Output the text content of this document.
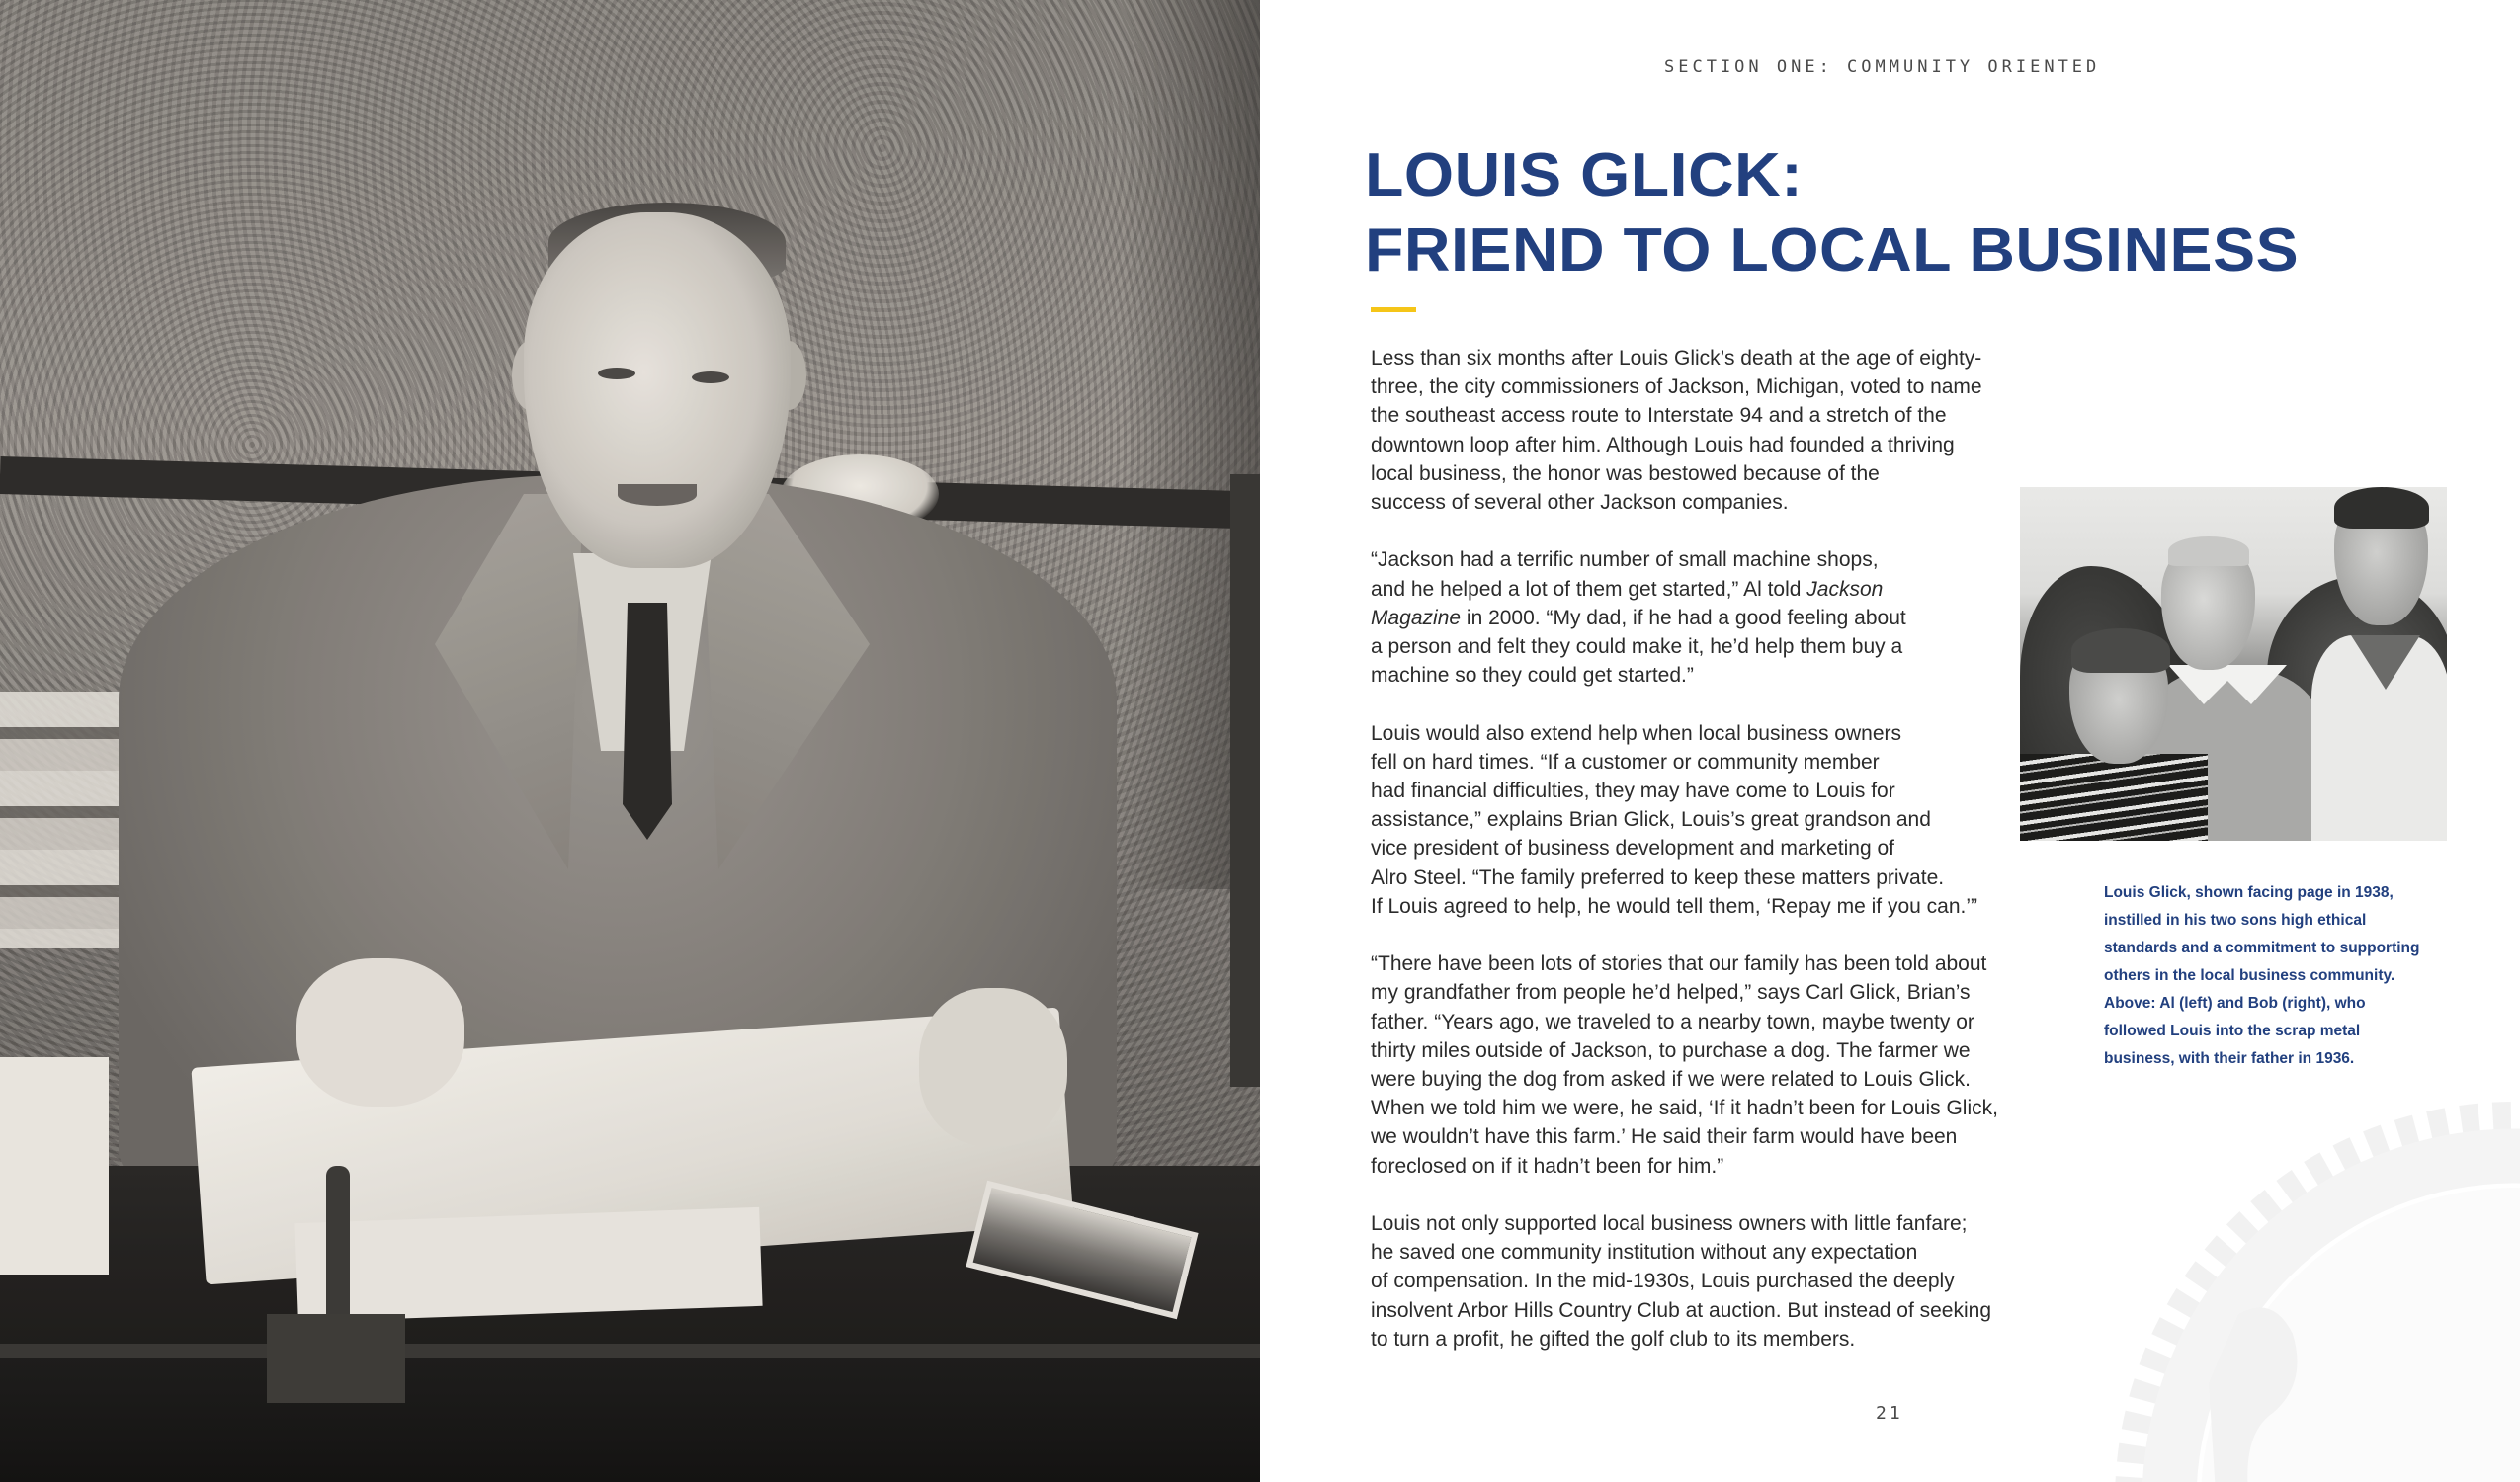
SECTION ONE: COMMUNITY ORIENTED
LOUIS GLICK:
FRIEND TO LOCAL BUSINESS

Less than six months after Louis Glick’s death at the age of eighty-
three, the city commissioners of Jackson, Michigan, voted to name
the southeast access route to Interstate 94 and a stretch of the
downtown loop after him. Although Louis had founded a thriving
local business, the honor was bestowed because of the
success of several other Jackson companies.

“Jackson had a terrific number of small machine shops,
and he helped a lot of them get started,” Al told Jackson
Magazine in 2000. “My dad, if he had a good feeling about
a person and felt they could make it, he’d help them buy a
machine so they could get started.”

Louis would also extend help when local business owners
fell on hard times. “If a customer or community member
had financial difficulties, they may have come to Louis for
assistance,” explains Brian Glick, Louis’s great grandson and
vice president of business development and marketing of
Alro Steel. “The family preferred to keep these matters private.
If Louis agreed to help, he would tell them, ‘Repay me if you can.’”

“There have been lots of stories that our family has been told about
my grandfather from people he’d helped,” says Carl Glick, Brian’s
father. “Years ago, we traveled to a nearby town, maybe twenty or
thirty miles outside of Jackson, to purchase a dog. The farmer we
were buying the dog from asked if we were related to Louis Glick.
When we told him we were, he said, ‘If it hadn’t been for Louis Glick,
we wouldn’t have this farm.’ He said their farm would have been
foreclosed on if it hadn’t been for him.”

Louis not only supported local business owners with little fanfare;
he saved one community institution without any expectation
of compensation. In the mid-1930s, Louis purchased the deeply
insolvent Arbor Hills Country Club at auction. But instead of seeking
to turn a profit, he gifted the golf club to its members.

Louis Glick, shown facing page in 1938,
instilled in his two sons high ethical
standards and a commitment to supporting
others in the local business community.
Above: Al (left) and Bob (right), who
followed Louis into the scrap metal
business, with their father in 1936.
21
